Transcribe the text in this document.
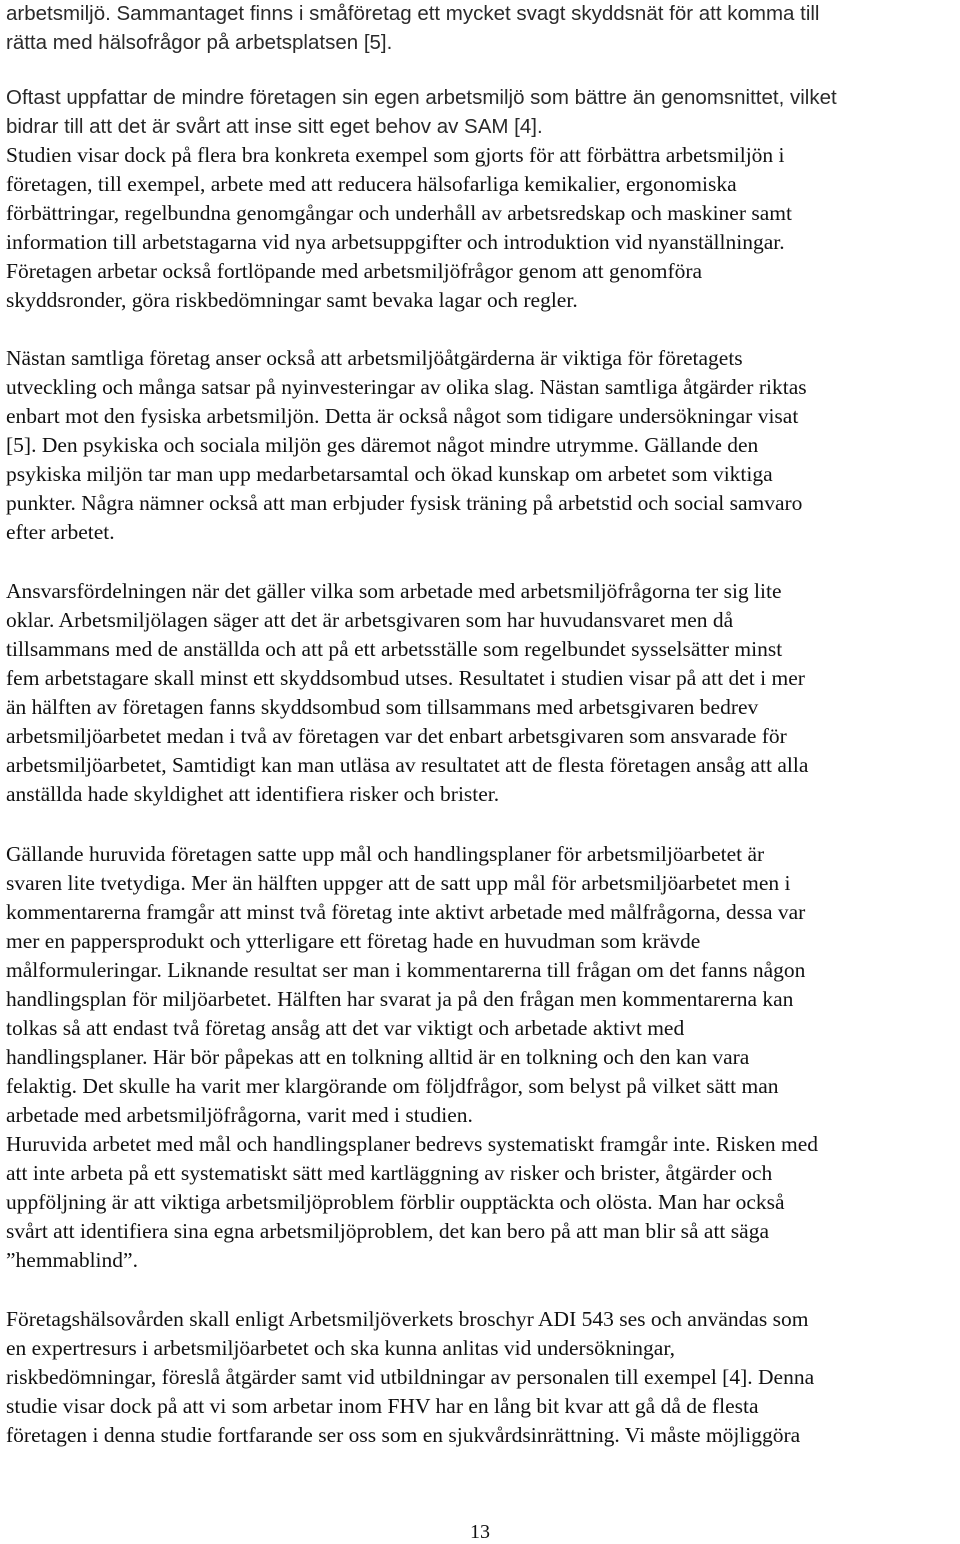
arbetsmiljö. Sammantaget finns i småföretag ett mycket svagt skyddsnät för att komma till
rätta med hälsofrågor på arbetsplatsen [5].
Oftast uppfattar de mindre företagen sin egen arbetsmiljö som bättre än genomsnittet, vilket
bidrar till att det är svårt att inse sitt eget behov av SAM [4].
Studien visar dock på flera bra konkreta exempel som gjorts för att förbättra arbetsmiljön i
företagen, till exempel, arbete med att reducera hälsofarliga kemikalier, ergonomiska
förbättringar, regelbundna genomgångar och underhåll av arbetsredskap och maskiner samt
information till arbetstagarna vid nya arbetsuppgifter och introduktion vid nyanställningar.
Företagen arbetar också fortlöpande med arbetsmiljöfrågor genom att genomföra
skyddsronder, göra riskbedömningar samt bevaka lagar och regler.
Nästan samtliga företag anser också att arbetsmiljöåtgärderna är viktiga för företagets
utveckling och många satsar på nyinvesteringar av olika slag. Nästan samtliga åtgärder riktas
enbart mot den fysiska arbetsmiljön. Detta är också något som tidigare undersökningar visat
[5]. Den psykiska och sociala miljön ges däremot något mindre utrymme. Gällande den
psykiska miljön tar man upp medarbetarsamtal och ökad kunskap om arbetet som viktiga
punkter. Några nämner också att man erbjuder fysisk träning på arbetstid och social samvaro
efter arbetet.
Ansvarsfördelningen när det gäller vilka som arbetade med arbetsmiljöfrågorna ter sig lite
oklar. Arbetsmiljölagen säger att det är arbetsgivaren som har huvudansvaret men då
tillsammans med de anställda och att på ett arbetsställe som regelbundet sysselsätter minst
fem arbetstagare skall minst ett skyddsombud utses. Resultatet i studien visar på att det i mer
än hälften av företagen fanns skyddsombud som tillsammans med arbetsgivaren bedrev
arbetsmiljöarbetet medan i två av företagen var det enbart arbetsgivaren som ansvarade för
arbetsmiljöarbetet, Samtidigt kan man utläsa av resultatet att de flesta företagen ansåg att alla
anställda hade skyldighet att identifiera risker och brister.
Gällande huruvida företagen satte upp mål och handlingsplaner för arbetsmiljöarbetet är
svaren lite tvetydiga. Mer än hälften uppger att de satt upp mål för arbetsmiljöarbetet men i
kommentarerna framgår att minst två företag inte aktivt arbetade med målfrågorna, dessa var
mer en pappersprodukt och ytterligare ett företag hade en huvudman som krävde
målformuleringar. Liknande resultat ser man i kommentarerna till frågan om det fanns någon
handlingsplan för miljöarbetet. Hälften har svarat ja på den frågan men kommentarerna kan
tolkas så att endast två företag ansåg att det var viktigt och arbetade aktivt med
handlingsplaner. Här bör påpekas att en tolkning alltid är en tolkning och den kan vara
felaktig. Det skulle ha varit mer klargörande om följdfrågor, som belyst på vilket sätt man
arbetade med arbetsmiljöfrågorna, varit med i studien.
Huruvida arbetet med mål och handlingsplaner bedrevs systematiskt framgår inte. Risken med
att inte arbeta på ett systematiskt sätt med kartläggning av risker och brister, åtgärder och
uppföljning är att viktiga arbetsmiljöproblem förblir oupptäckta och olösta. Man har också
svårt att identifiera sina egna arbetsmiljöproblem, det kan bero på att man blir så att säga
”hemmablind”.
Företagshälsovården skall enligt Arbetsmiljöverkets broschyr ADI 543 ses och användas som
en expertresurs i arbetsmiljöarbetet och ska kunna anlitas vid undersökningar,
riskbedömningar, föreslå åtgärder samt vid utbildningar av personalen till exempel [4]. Denna
studie visar dock på att vi som arbetar inom FHV har en lång bit kvar att gå då de flesta
företagen i denna studie fortfarande ser oss som en sjukvårdsinrättning. Vi måste möjliggöra
13
